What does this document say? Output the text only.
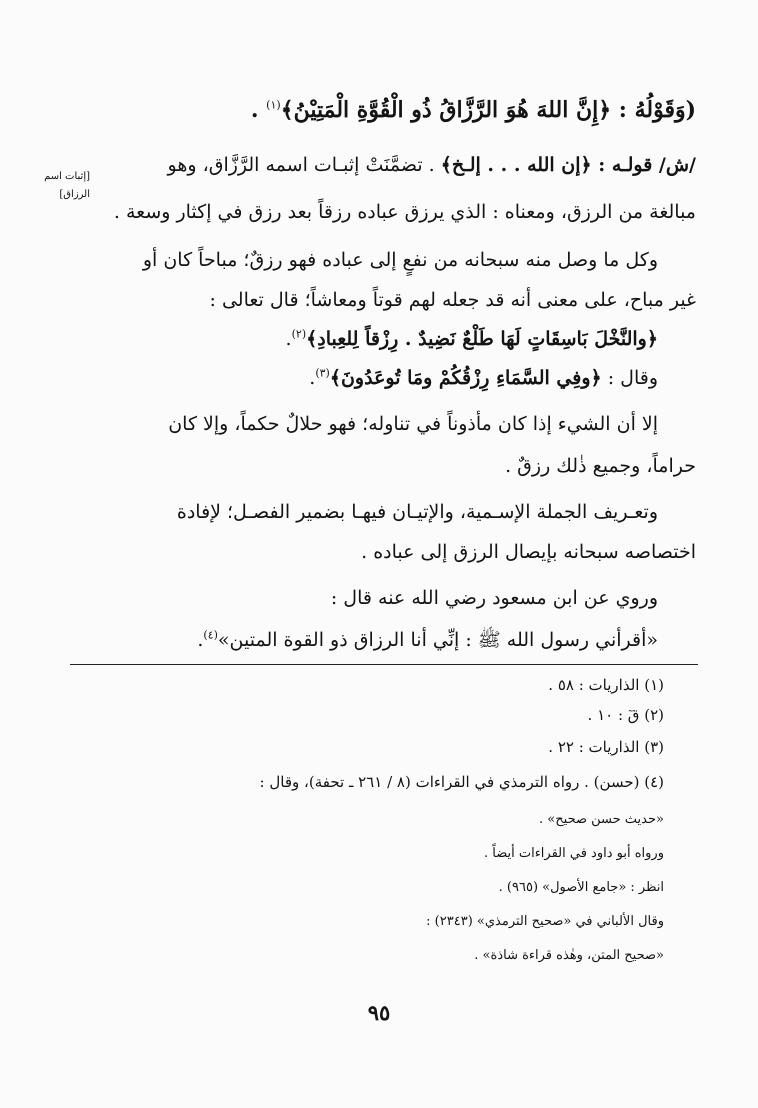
(وَقَوْلُهُ : ﴿إِنَّ اللهَ هُوَ الرَّزَّاقُ ذُو الْقُوَّةِ الْمَتِيْنُ﴾$^{(١)}$ .
[إثبات اسم
الرزاق]
/ش/ قولـه : ﴿إن الله . . . إلـخ﴾ . تضمَّنَتْ إثبـات اسمه الرَّزَّاق، وهو
مبالغة من الرزق، ومعناه : الذي يرزق عباده رزقاً بعد رزق في إكثار وسعة .
وكل ما وصل منه سبحانه من نفعٍ إلى عباده فهو رزقٌ؛ مباحاً كان أو
غير مباح، على معنى أنه قد جعله لهم قوتاً ومعاشاً؛ قال تعالى :
﴿والنَّخْلَ بَاسِقَاتٍ لَهَا طَلْعٌ نَضِيدٌ . رِزْقاً لِلعِبادِ﴾$^{(٢)}$.
وقال : ﴿وفِي السَّمَاءِ رِزْقُكُمْ ومَا تُوعَدُونَ﴾$^{(٣)}$.
إلا أن الشيء إذا كان مأذوناً في تناوله؛ فهو حلالٌ حكماً، وإلا كان
حراماً، وجميع ذٰلك رزقٌ .
وتعـريف الجملة الإسـمية، والإتيـان فيهـا بضمير الفصـل؛ لإفادة
اختصاصه سبحانه بإيصال الرزق إلى عباده .
وروي عن ابن مسعود رضي الله عنه قال :
«أقرأني رسول الله ﷺ : إنِّي أنا الرزاق ذو القوة المتين»$^{(٤)}$.
(١) الذاريات : ٥٨ .
(٢) قٓ : ١٠ .
(٣) الذاريات : ٢٢ .
(٤) (حسن) . رواه الترمذي في القراءات (٨ / ٢٦١ ـ تحفة)، وقال :
«حديث حسن صحيح» .
ورواه أبو داود في القراءات أيضاً .
انظر : «جامع الأصول» (٩٦٥) .
وقال الألباني في «صحيح الترمذي» (٢٣٤٣) :
«صحيح المتن، وهٰذه قراءة شاذة» .
٩٥
